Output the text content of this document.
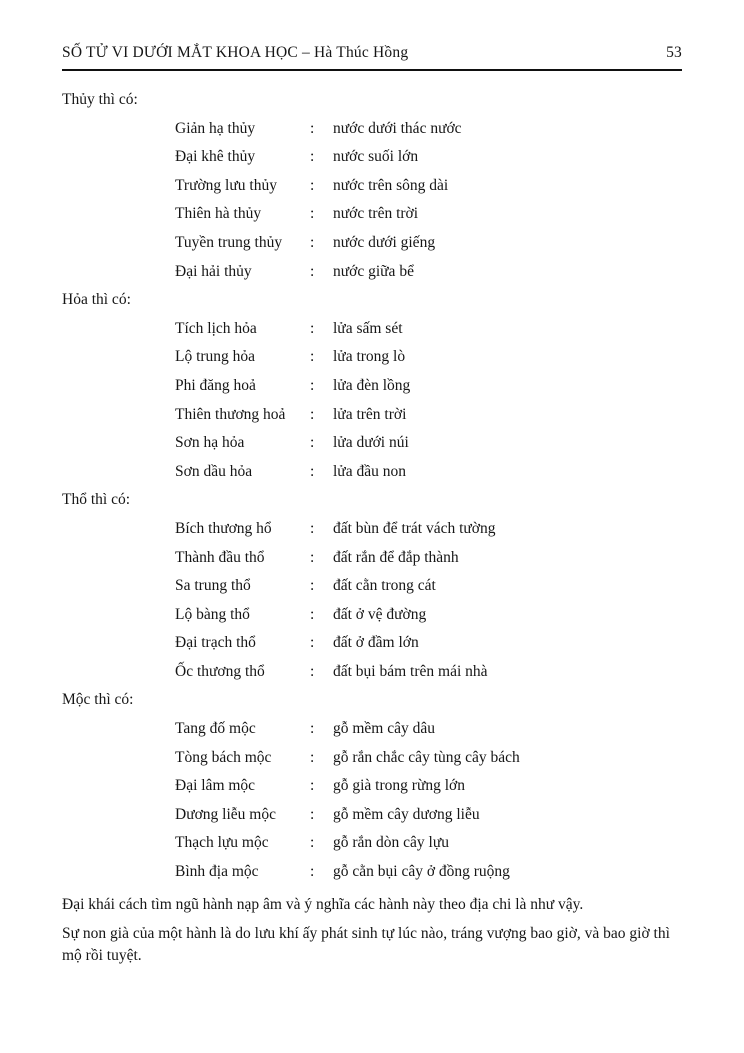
SỐ TỬ VI DƯỚI MẮT KHOA HỌC – Hà Thúc Hồng	53
Thủy thì có:
Giản hạ thủy	:	nước dưới thác nước
Đại khê thủy	:	nước suối lớn
Trường lưu thủy	:	nước trên sông dài
Thiên hà thủy	:	nước trên trời
Tuyền trung thủy	:	nước dưới giếng
Đại hải thủy	:	nước giữa bể
Hỏa thì có:
Tích lịch hỏa	:	lửa sấm sét
Lộ trung hỏa	:	lửa trong lò
Phi đăng hoả	:	lửa đèn lồng
Thiên thương hoả	:	lửa trên trời
Sơn hạ hỏa	:	lửa dưới núi
Sơn dầu hỏa	:	lửa đầu non
Thổ thì có:
Bích thương hổ	:	đất bùn để trát vách tường
Thành đầu thổ	:	đất rắn để đắp thành
Sa trung thổ	:	đất cằn trong cát
Lộ bàng thổ	:	đất ở vệ đường
Đại trạch thổ	:	đất ở đầm lớn
Ốc thương thổ	:	đất bụi bám trên mái nhà
Mộc thì có:
Tang đố mộc	:	gỗ mềm cây dâu
Tòng bách mộc	:	gỗ rắn chắc cây tùng cây bách
Đại lâm mộc	:	gỗ già trong rừng lớn
Dương liễu mộc	:	gỗ mềm cây dương liễu
Thạch lựu mộc	:	gỗ rắn dòn cây lựu
Bình địa mộc	:	gỗ cằn bụi cây ở đồng ruộng
Đại khái cách tìm ngũ hành nạp âm và ý nghĩa các hành này theo địa chi là như vậy.
Sự non già của một hành là do lưu khí ấy phát sinh tự lúc nào, tráng vượng bao giờ, và bao giờ thì mộ rồi tuyệt.
